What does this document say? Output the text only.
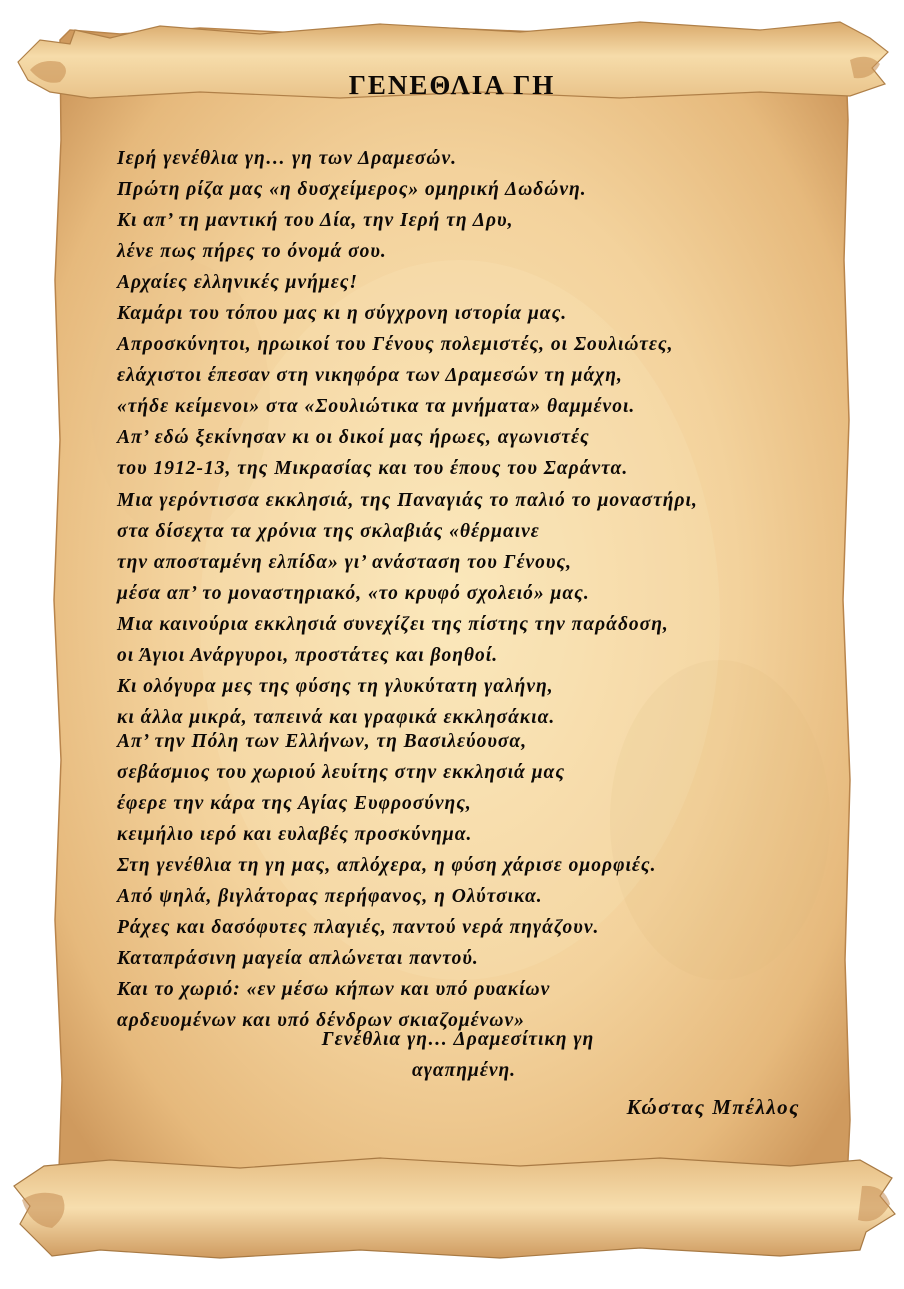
ΓΕΝΕΘΛΙΑ ΓΗ
Ιερή γενέθλια γη… γη των Δραμεσών.
Πρώτη ρίζα μας «η δυσχείμερος» ομηρική Δωδώνη.
Κι απ’ τη μαντική του Δία, την Ιερή τη Δρυ,
λένε πως πήρες το όνομά σου.
Αρχαίες ελληνικές μνήμες!
Καμάρι του τόπου μας κι η σύγχρονη ιστορία μας.
Απροσκύνητοι, ηρωικοί του Γένους πολεμιστές, οι Σουλιώτες,
ελάχιστοι έπεσαν στη νικηφόρα των Δραμεσών τη μάχη,
«τήδε κείμενοι» στα «Σουλιώτικα τα μνήματα» θαμμένοι.
Απ’ εδώ ξεκίνησαν κι οι δικοί μας ήρωες, αγωνιστές
του 1912-13, της Μικρασίας και του έπους του Σαράντα.
Μια γερόντισσα εκκλησιά, της Παναγιάς το παλιό το μοναστήρι,
στα δίσεχτα τα χρόνια της σκλαβιάς «θέρμαινε
την αποσταμένη ελπίδα» γι’ ανάσταση του Γένους,
μέσα απ’ το μοναστηριακό, «το κρυφό σχολειό» μας.
Μια καινούρια εκκλησιά συνεχίζει της πίστης την παράδοση,
οι Άγιοι Ανάργυροι, προστάτες και βοηθοί.
Κι ολόγυρα μες της φύσης τη γλυκύτατη γαλήνη,
κι άλλα μικρά, ταπεινά και γραφικά εκκλησάκια.
Απ’ την Πόλη των Ελλήνων, τη Βασιλεύουσα,
σεβάσμιος του χωριού λευίτης στην εκκλησιά μας
έφερε την κάρα της Αγίας Ευφροσύνης,
κειμήλιο ιερό και ευλαβές προσκύνημα.
Στη γενέθλια τη γη μας, απλόχερα, η φύση χάρισε ομορφιές.
Από ψηλά, βιγλάτορας περήφανος, η Ολύτσικα.
Ράχες και δασόφυτες πλαγιές, παντού νερά πηγάζουν.
Καταπράσινη μαγεία απλώνεται παντού.
Και το χωριό: «εν μέσω κήπων και υπό ρυακίων
αρδευομένων και υπό δένδρων σκιαζομένων»
Γενέθλια γη… Δραμεσίτικη γη
αγαπημένη.
Κώστας Μπέλλος
